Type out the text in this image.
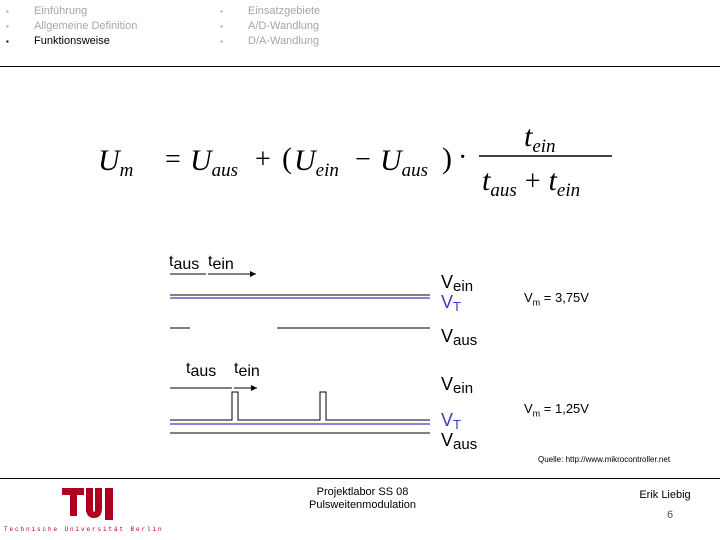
▪ Einführung
▪ Allgemeine Definition
▪ Funktionsweise
▪ Einsatzgebiete
▪ A/D-Wandlung
▪ D/A-Wandlung
$U_m = U_{aus}$ + ( $U_{ein} - U_{aus}$ ) ·
$t_{ein}$
$t_{aus} + t_{ein}$
taus tein
Vein
VT
Vaus
taus tein
Vein
VT
Vaus
$V_m = 3,75V$
$V_m = 1,25V$
Quelle: http://www.mikrocontroller.net
Technische Universität Berlin
Projektlabor SS 08
Pulsweitenmodulation
Erik Liebig
6
